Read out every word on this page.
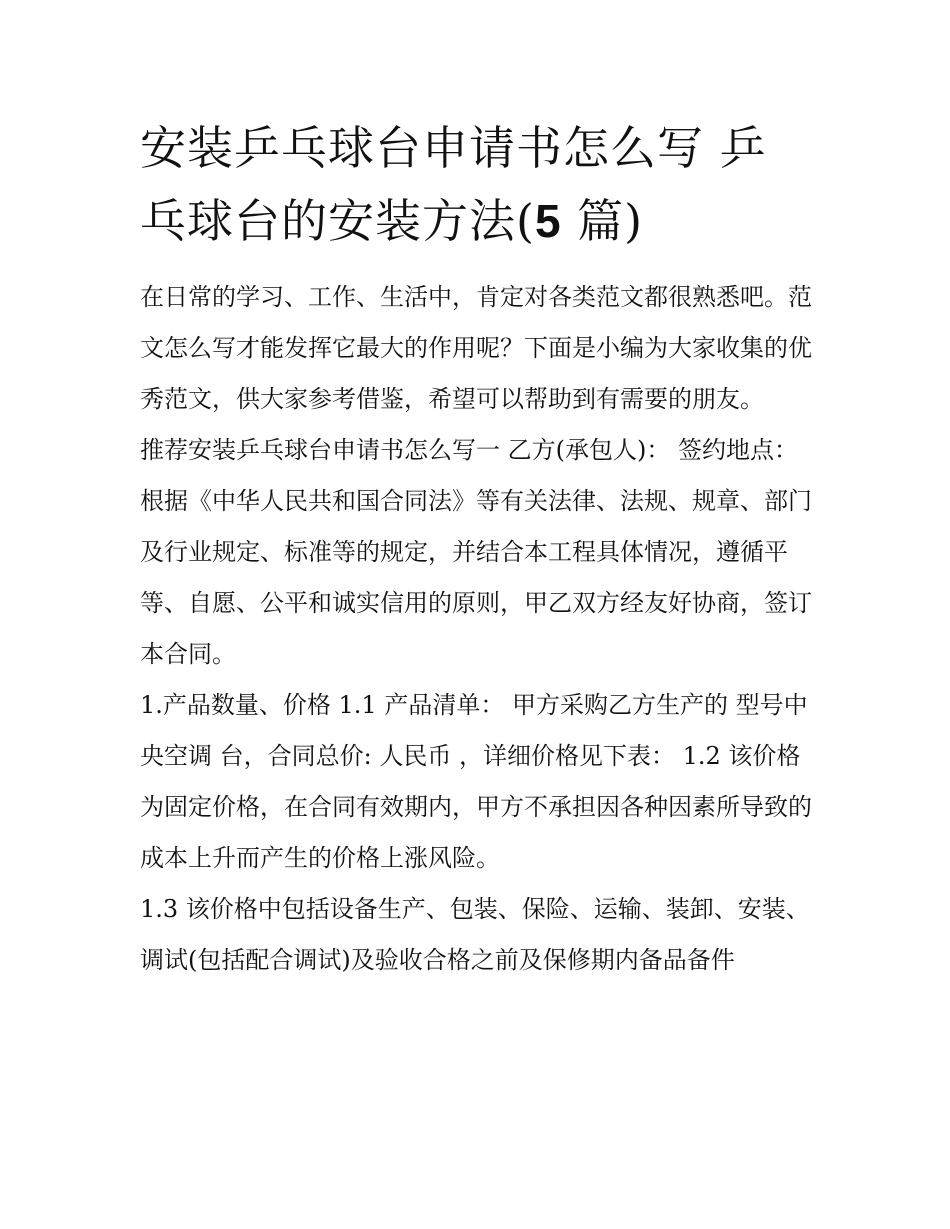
安装乒乓球台申请书怎么写 乒乓球台的安装方法(5 篇)

在日常的学习、工作、生活中，肯定对各类范文都很熟悉吧。范文怎么写才能发挥它最大的作用呢？下面是小编为大家收集的优秀范文，供大家参考借鉴，希望可以帮助到有需要的朋友。

推荐安装乒乓球台申请书怎么写一 乙方(承包人)： 签约地点：

根据《中华人民共和国合同法》等有关法律、法规、规章、部门及行业规定、标准等的规定，并结合本工程具体情况，遵循平等、自愿、公平和诚实信用的原则，甲乙双方经友好协商，签订本合同。

1.产品数量、价格 1.1 产品清单： 甲方采购乙方生产的 型号中央空调 台，合同总价: 人民币 ，详细价格见下表： 1.2 该价格为固定价格，在合同有效期内，甲方不承担因各种因素所导致的成本上升而产生的价格上涨风险。

1.3 该价格中包括设备生产、包装、保险、运输、装卸、安装、调试(包括配合调试)及验收合格之前及保修期内备品备件
